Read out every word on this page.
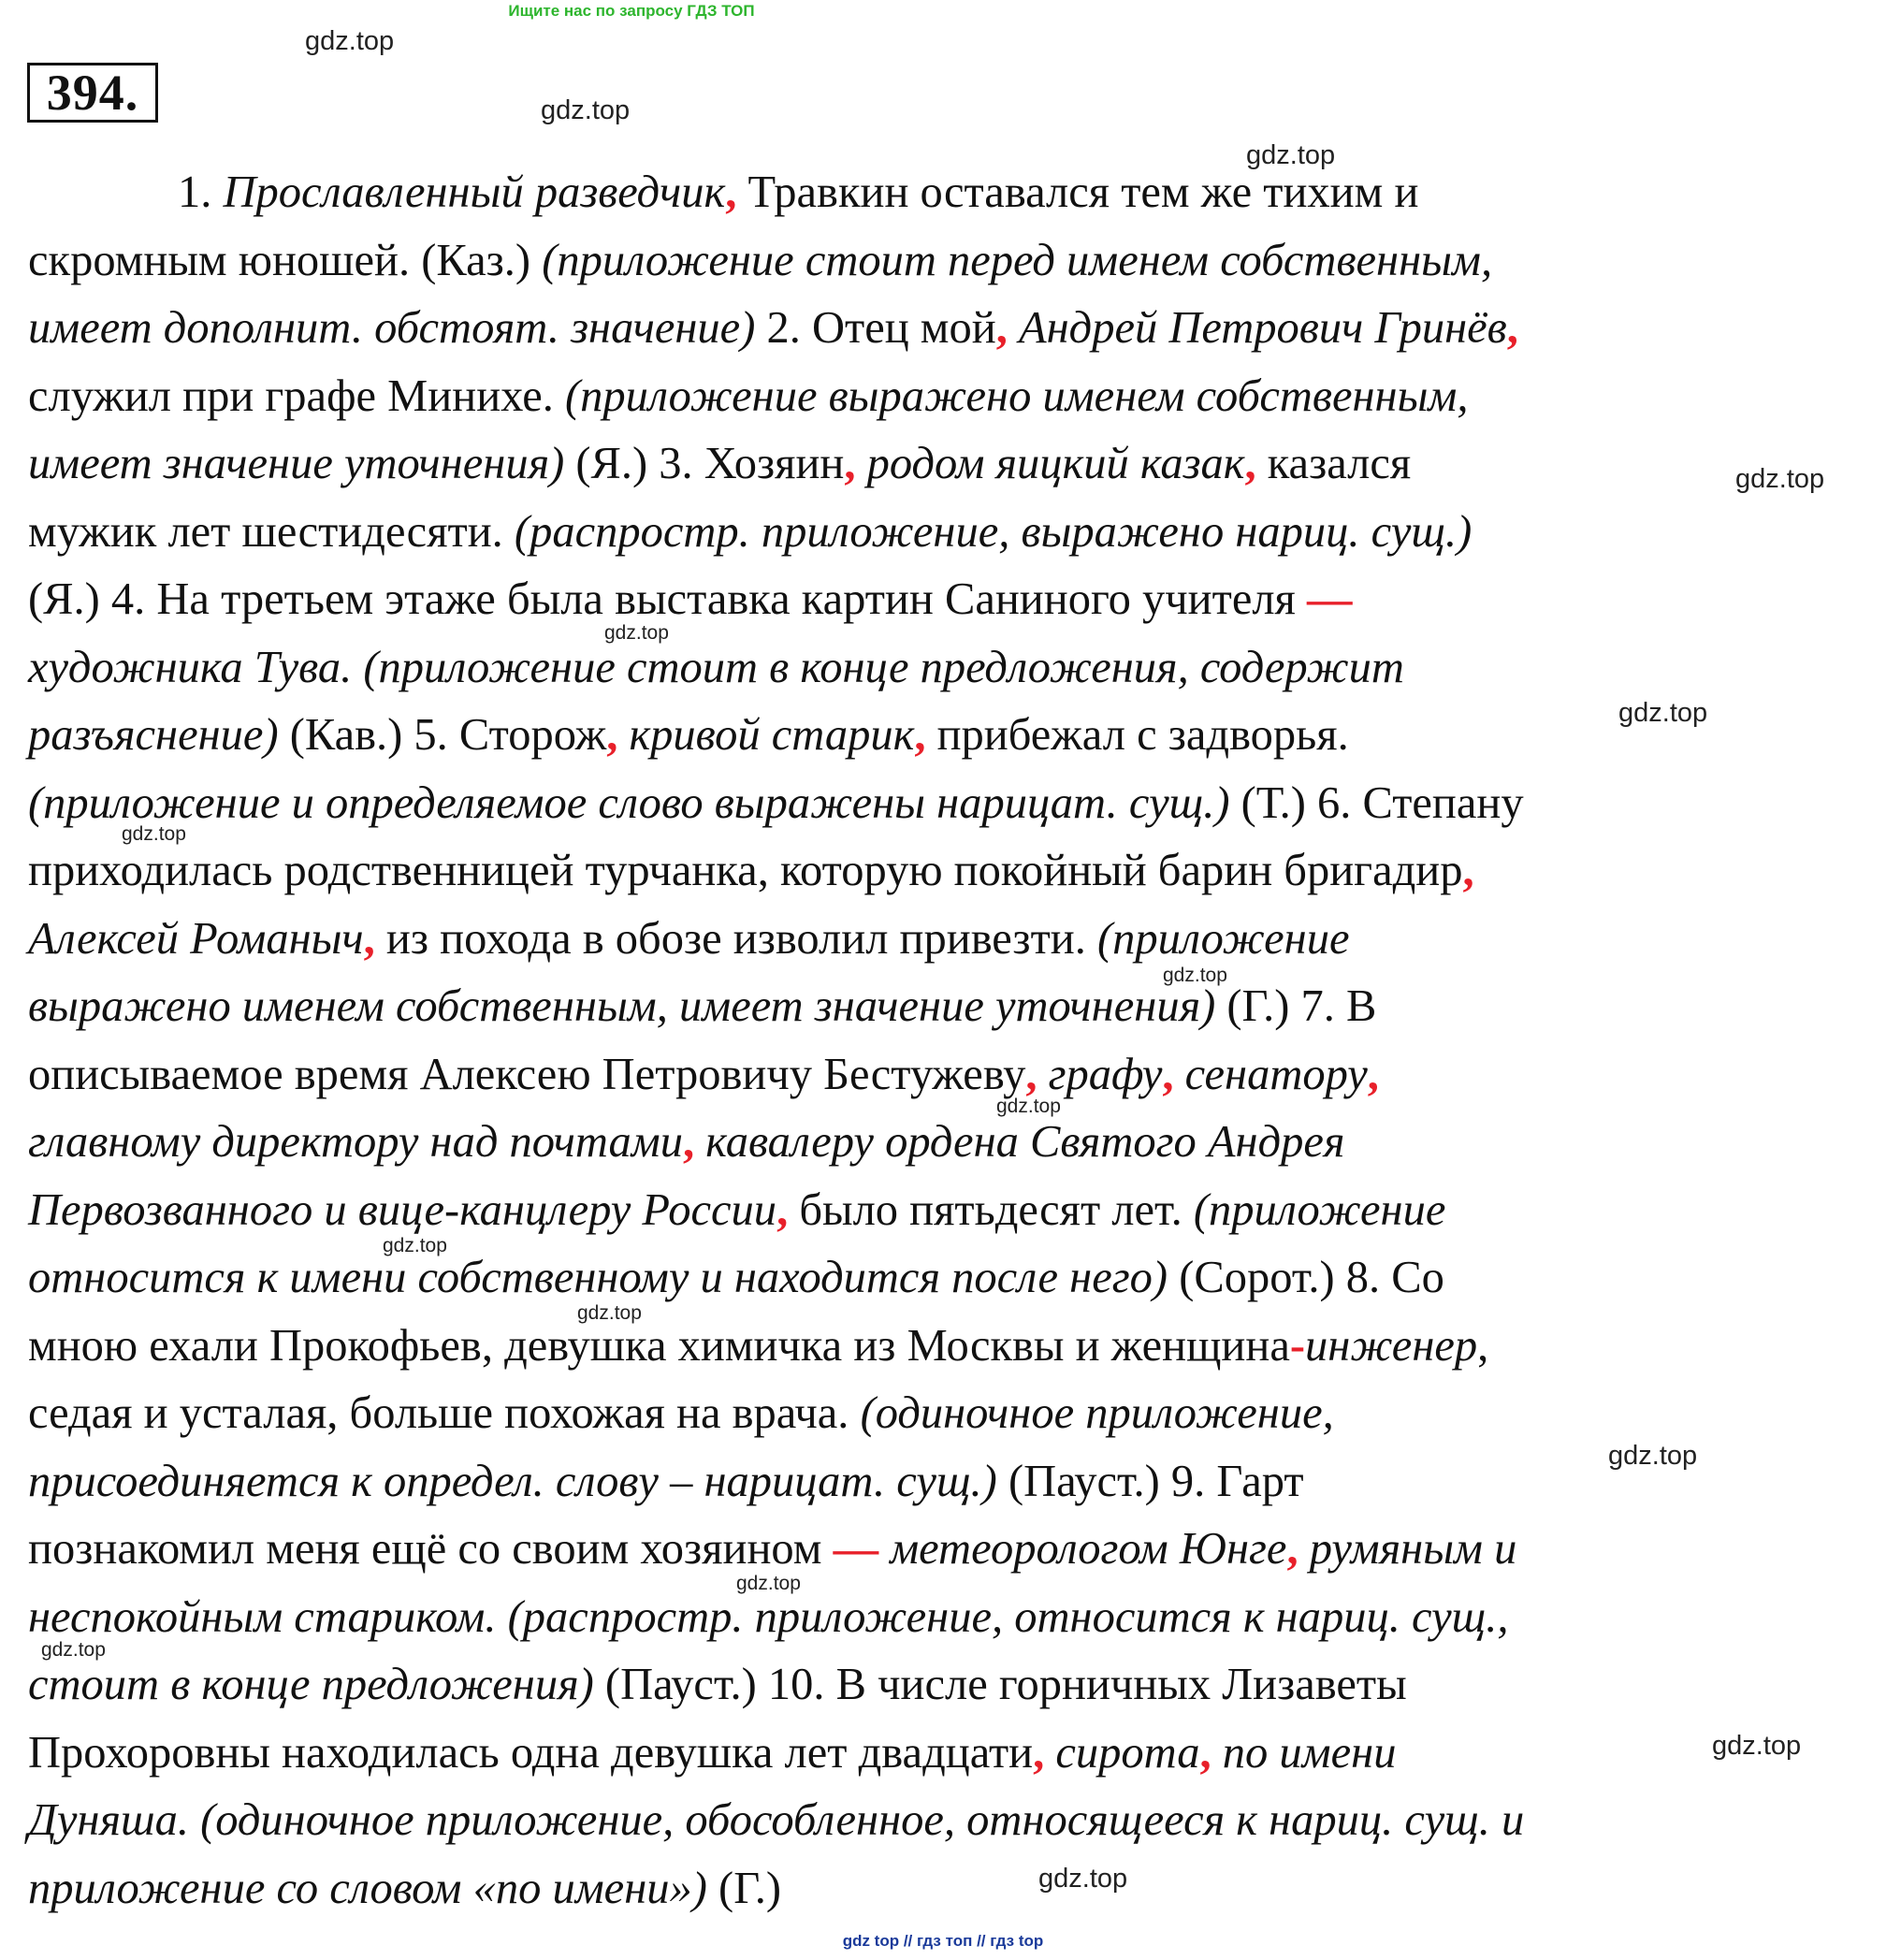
Ищите нас по запросу ГДЗ ТОП
394.
gdz.top
gdz.top
gdz.top
gdz.top
gdz.top
gdz.top
gdz.top
gdz.top
gdz.top
gdz.top
gdz.top
gdz.top
gdz.top
gdz.top
gdz.top
gdz.top
1. Прославленный разведчик, Травкин оставался тем же тихим и
скромным юношей. (Каз.) (приложение стоит перед именем собственным,
имеет дополнит. обстоят. значение) 2. Отец мой, Андрей Петрович Гринёв,
служил при графе Минихе. (приложение выражено именем собственным,
имеет значение уточнения) (Я.) 3. Хозяин, родом яицкий казак, казался
мужик лет шестидесяти. (распростр. приложение, выражено нариц. сущ.)
(Я.) 4. На третьем этаже была выставка картин Саниного учителя —
художника Тува. (приложение стоит в конце предложения, содержит
разъяснение) (Кав.) 5. Сторож, кривой старик, прибежал с задворья.
(приложение и определяемое слово выражены нарицат. сущ.) (Т.) 6. Степану
приходилась родственницей турчанка, которую покойный барин бригадир,
Алексей Романыч, из похода в обозе изволил привезти. (приложение
выражено именем собственным, имеет значение уточнения) (Г.) 7. В
описываемое время Алексею Петровичу Бестужеву, графу, сенатору,
главному директору над почтами, кавалеру ордена Святого Андрея
Первозванного и вице-канцлеру России, было пятьдесят лет. (приложение
относится к имени собственному и находится после него) (Сорот.) 8. Со
мною ехали Прокофьев, девушка химичка из Москвы и женщина-инженер,
седая и усталая, больше похожая на врача. (одиночное приложение,
присоединяется к определ. слову – нарицат. сущ.) (Пауст.) 9. Гарт
познакомил меня ещё со своим хозяином — метеорологом Юнге, румяным и
неспокойным стариком. (распростр. приложение, относится к нариц. сущ.,
стоит в конце предложения) (Пауст.) 10. В числе горничных Лизаветы
Прохоровны находилась одна девушка лет двадцати, сирота, по имени
Дуняша. (одиночное приложение, обособленное, относящееся к нариц. сущ. и
приложение со словом «по имени») (Г.)
gdz top // гдз топ // гдз top
